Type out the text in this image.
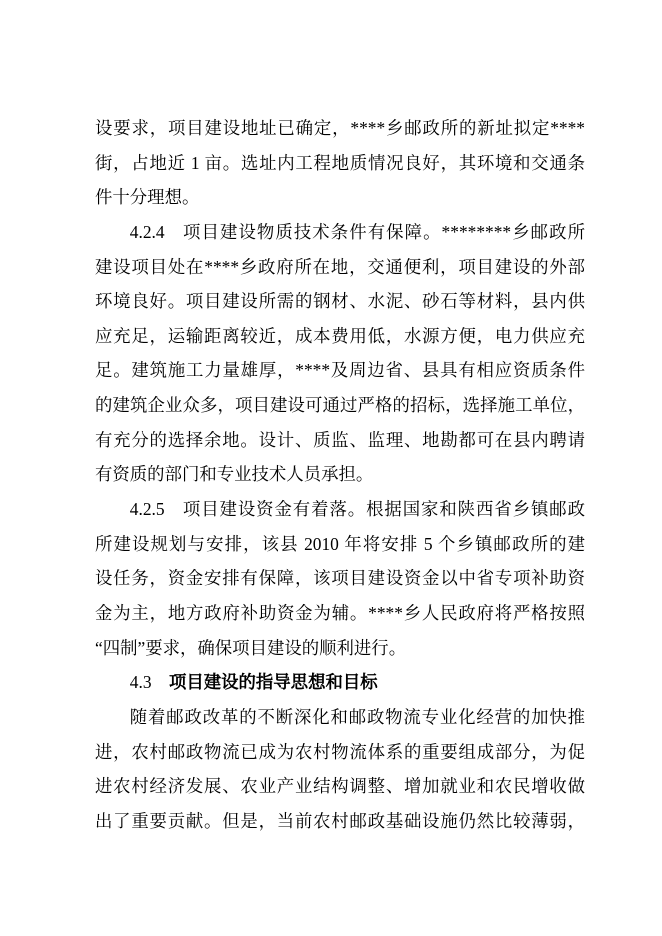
设要求，项目建设地址已确定，****乡邮政所的新址拟定****
街，占地近 1 亩。选址内工程地质情况良好，其环境和交通条
件十分理想。
4.2.4 项目建设物质技术条件有保障。********乡邮政所
建设项目处在****乡政府所在地，交通便利，项目建设的外部
环境良好。项目建设所需的钢材、水泥、砂石等材料，县内供
应充足，运输距离较近，成本费用低，水源方便，电力供应充
足。建筑施工力量雄厚，****及周边省、县具有相应资质条件
的建筑企业众多，项目建设可通过严格的招标，选择施工单位，
有充分的选择余地。设计、质监、监理、地勘都可在县内聘请
有资质的部门和专业技术人员承担。
4.2.5 项目建设资金有着落。根据国家和陕西省乡镇邮政
所建设规划与安排，该县 2010 年将安排 5 个乡镇邮政所的建
设任务，资金安排有保障，该项目建设资金以中省专项补助资
金为主，地方政府补助资金为辅。****乡人民政府将严格按照
“四制”要求，确保项目建设的顺利进行。
4.3 项目建设的指导思想和目标
随着邮政改革的不断深化和邮政物流专业化经营的加快推
进，农村邮政物流已成为农村物流体系的重要组成部分，为促
进农村经济发展、农业产业结构调整、增加就业和农民增收做
出了重要贡献。但是，当前农村邮政基础设施仍然比较薄弱，
